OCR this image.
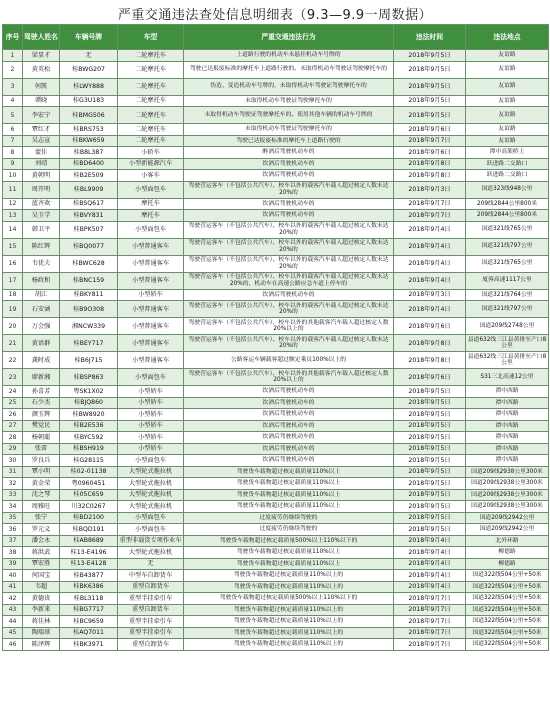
严重交通违法查处信息明细表（9.3—9.9一周数据）
序号	驾驶人姓名	车辆号牌	车型	严重交通违法行为	违法时间	违法地点
1	梁显才	无	二轮摩托车	上道路行驶的机动车未悬挂机动车号牌的	2018年9月5日	友谊路
2	黄英松	桂BWG207	二轮摩托车	驾驶已达报废标准的摩托车上道路行驶的、未取得机动车驾驶证驾驶摩托车的	2018年9月5日	友谊路
3	何凯	桂LWY888	二轮摩托车	伪造、变造机动车号牌的、未取得机动车驾驶证驾驶摩托车的	2018年9月5日	友谊路
4	谭晓	桂G3U183	二轮摩托车	未取得机动车驾驶证驾驶摩托车的	2018年9月5日	友谊路
5	李宏宁	桂BMG506	二轮摩托车	未取得机动车驾驶证驾驶摩托车的、使用其他车辆的机动车号牌的	2018年9月5日	友谊路
6	覃红才	桂BRS753	二轮摩托车	未取得机动车驾驶证驾驶摩托车的	2018年9月6日	友谊路
7	吴志宣	桂BKW659	二轮摩托车	驾驶已达报废标准的摩托车上道路行驶的	2018年9月7日	友谊路
8	蒙佳	桂B8L387	小轿车	醉酒后驾驶机动车的	2018年9月6日	潭中高架桥上
9	刘靖	桂BD6400	小型新能源汽车	饮酒后驾驶机动车的	2018年9月8日	跃进路二交路口
10	黄朝明	桂B2E509	小客车	饮酒后驾驶机动车的	2018年9月8日	跃进路二交路口
11	周开明	桂BL9909	小型面包车	驾驶营运客车（不包括公共汽车）、校车以外的载客汽车载人超过核定人数未达20%的	2018年9月3日	国道323线948公里
12	蓝齐欢	桂BSQ617	摩托车	饮酒后驾驶机动车的	2018年9月7日	209线2844公里800米
13	吴玉学	桂BVY831	摩托车	饮酒后驾驶机动车的	2018年9月7日	209线2844公里800米
14	韩卫平	桂BPK507	小型面包车	驾驶营运客车（不包括公共汽车）、校车以外的载客汽车载人超过核定人数未达20%的	2018年9月4日	国道321线765公里
15	陈红辉	桂BQ0077	小型普通客车	驾驶营运客车（不包括公共汽车）、校车以外的载客汽车载人超过核定人数未达20%的	2018年9月4日	国道321线797公里
16	韦优夫	桂BWC628	小型普通客车	驾驶营运客车（不包括公共汽车）、校车以外的载客汽车载人超过核定人数未达20%的	2018年9月4日	国道321线765公里
17	杨政和	桂BNC159	小型普通客车	驾驶营运客车（不包括公共汽车）、校车以外的载客汽车载人超过核定人数未达20%的、机动车在高速公路应急车道上停车的	2018年9月4日	厦蓉高速1117公里
18	胡江	桂BKY811	小型轿车	饮酒后驾驶机动车的	2018年9月3日	国道321线764公里
19	石安涵	桂B9O308	小型普通客车	驾驶营运客车（不包括公共汽车）、校车以外的载客汽车载人超过核定人数未达20%的	2018年9月4日	国道321线797公里
20	万会强	湘NCW339	小型普通客车	驾驶营运客车（不包括公共汽车）、校车以外的其他载客汽车载人超过核定人数20%以上的	2018年9月6日	国道209线2748公里
21	黄语群	桂BEY717	小型普通客车	驾驶营运客车（不包括公共汽车）、校车以外的载客汽车载人超过核定人数未达20%的	2018年9月8日	县道632线三江县黄排至产口8公里
22	龚时成	桂B6J715	小型普通客车	公路客运车辆载客超过额定乘员100%以上的	2018年9月8日	县道632线三江县黄排至产口8公里
23	廖新湘	桂BSP863	小型面包车	驾驶营运客车（不包括公共汽车）、校车以外的其他载客汽车载人超过核定人数20%以上的	2018年9月6日	S31三北高速12公里
24	孙喜芳	粤SK1X02	小型轿车	饮酒后驾驶机动车的	2018年9月5日	潭中西路
25	石少杰	桂BJQ860	小型轿车	饮酒后驾驶机动车的	2018年9月5日	潭中西路
26	颜玉辉	桂BW8920	小型轿车	饮酒后驾驶机动车的	2018年9月5日	潭中西路
27	樊觉民	桂B2E536	小型轿车	饮酒后驾驶机动车的	2018年9月5日	潭中西路
28	杨朝聪	桂BYC592	小型轿车	饮酒后驾驶机动车的	2018年9月5日	潭中西路
29	张雷	桂BSH919	小型轿车	饮酒后驾驶机动车的	2018年9月5日	潭中西路
30	罗良兵	桂G28115	小型面包车	饮酒后驾驶机动车的	2018年9月5日	潭中西路
31	覃小明	桂02-01138	大型轮式拖拉机	驾驶货车载物超过核定载质量110%以上	2018年9月5日	国道209线2938公里300米
32	黄金荣	粤0960451	大型轮式拖拉机	驾驶货车载物超过核定载质量110%以上	2018年9月5日	国道209线2938公里300米
33	沈之琴	桂05C659	大型轮式拖拉机	驾驶货车载物超过核定载质量110%以上	2018年9月5日	国道209线2938公里300米
34	周雅旺	川32C0267	大型轮式拖拉机	驾驶货车载物超过核定载质量110%以上	2018年9月5日	国道209线2938公里300米
35	张宁	桂BD2100	小型面包车	过度疲劳仍继续驾驶的	2018年9月5日	国道209线2942公里
36	罗元义	桂BQD191	小型面包车	过度疲劳仍继续驾驶的	2018年9月5日	国道209线2942公里
37	潘会永	桂AB8689	重型非载货专项作业车	驾驶货车载物超过核定载质量500%以上110%以下的	2018年9月4日	北外环路
38	蒋洪武	桂13-E4196	大型轮式拖拉机	驾驶货车载物超过核定载质量110%以上	2018年9月4日	柳德路
39	覃宏胜	桂13-E4128	无	驾驶货车载物超过核定载质量110%以上	2018年9月4日	柳德路
40	何国宝	桂B43877	中型车自卸货车	驾驶货车载物超过核定载质量110%以上的	2018年9月4日	国道322线504公里+50米
41	韦超	桂BK6386	重型自卸货车	驾驶货车载物超过核定载质量110%以上的	2018年9月4日	国道322线504公里+50米
42	黄德贵	桂BL3118	重型半挂牵引车	驾驶货车载物超过核定载质量500%以上110%以下的	2018年9月7日	国道322线504公里+50米
43	李新来	桂BG7717	重型自卸货车	驾驶货车载物超过核定载质量110%以上的	2018年9月7日	国道322线504公里+50米
44	蒋佳林	桂BC9659	重型半挂牵引车	驾驶货车载物超过核定载质量110%以上的	2018年9月7日	国道322线504公里+50米
45	陶瑞球	桂AQ7011	重型半挂牵引车	驾驶货车载物超过核定载质量110%以上的	2018年9月7日	国道322线504公里+50米
46	陈泽辉	桂BK3971	重型自卸货车	驾驶货车载物超过核定载质量110%以上的	2018年9月7日	国道322线504公里+50米
